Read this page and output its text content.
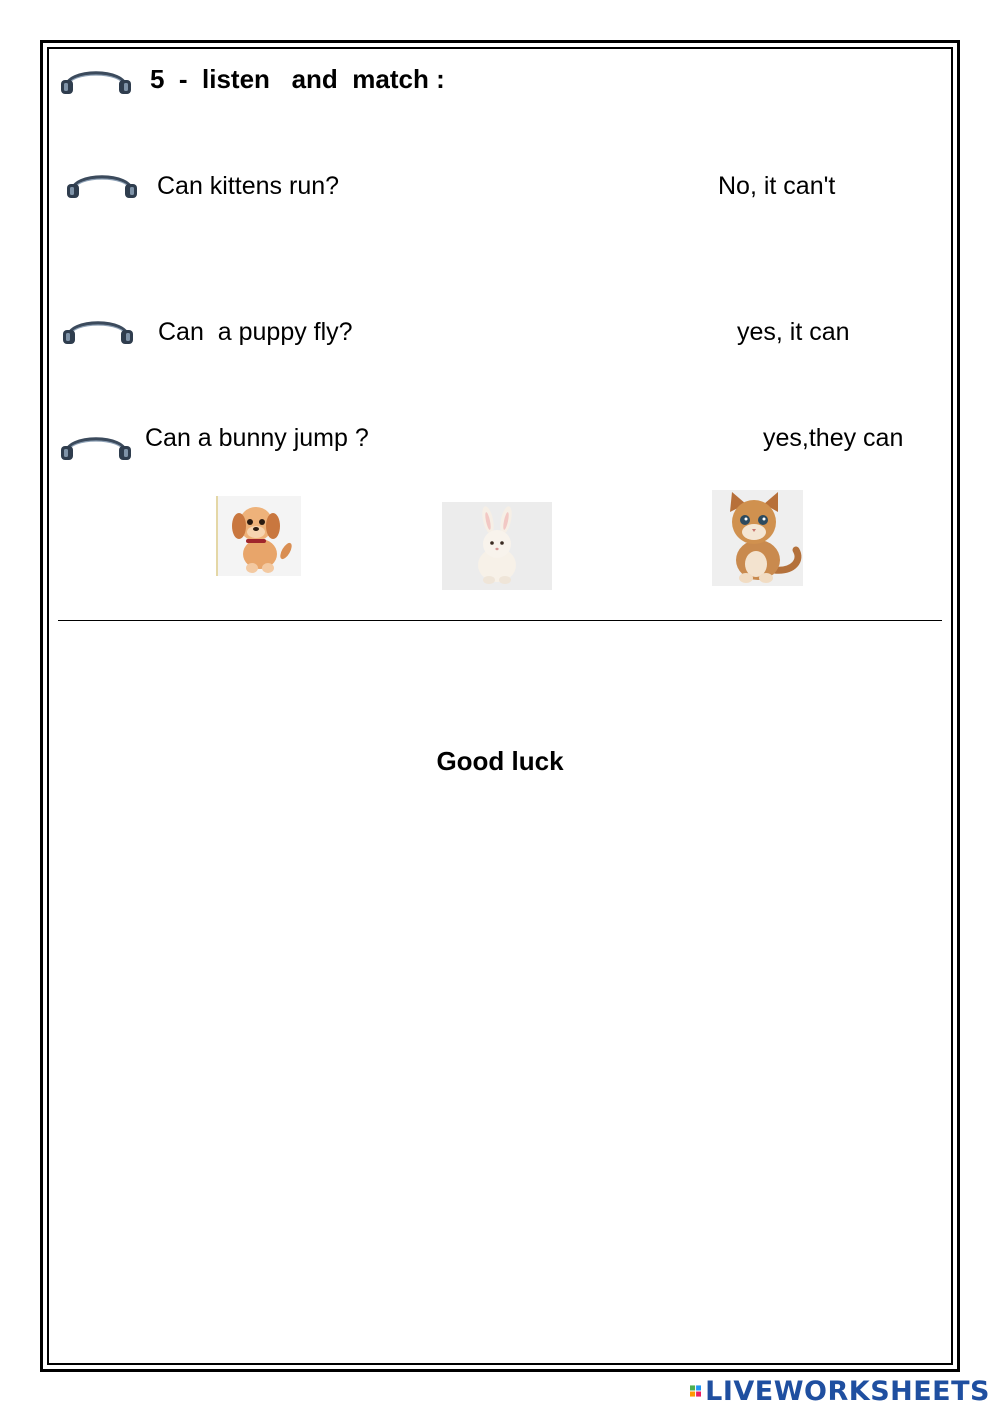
5  -  listen   and  match :
Can kittens run?	No, it can't
Can  a puppy fly?	yes, it can
Can a bunny jump ?	yes,they can
Good luck
LIVEWORKSHEETS
